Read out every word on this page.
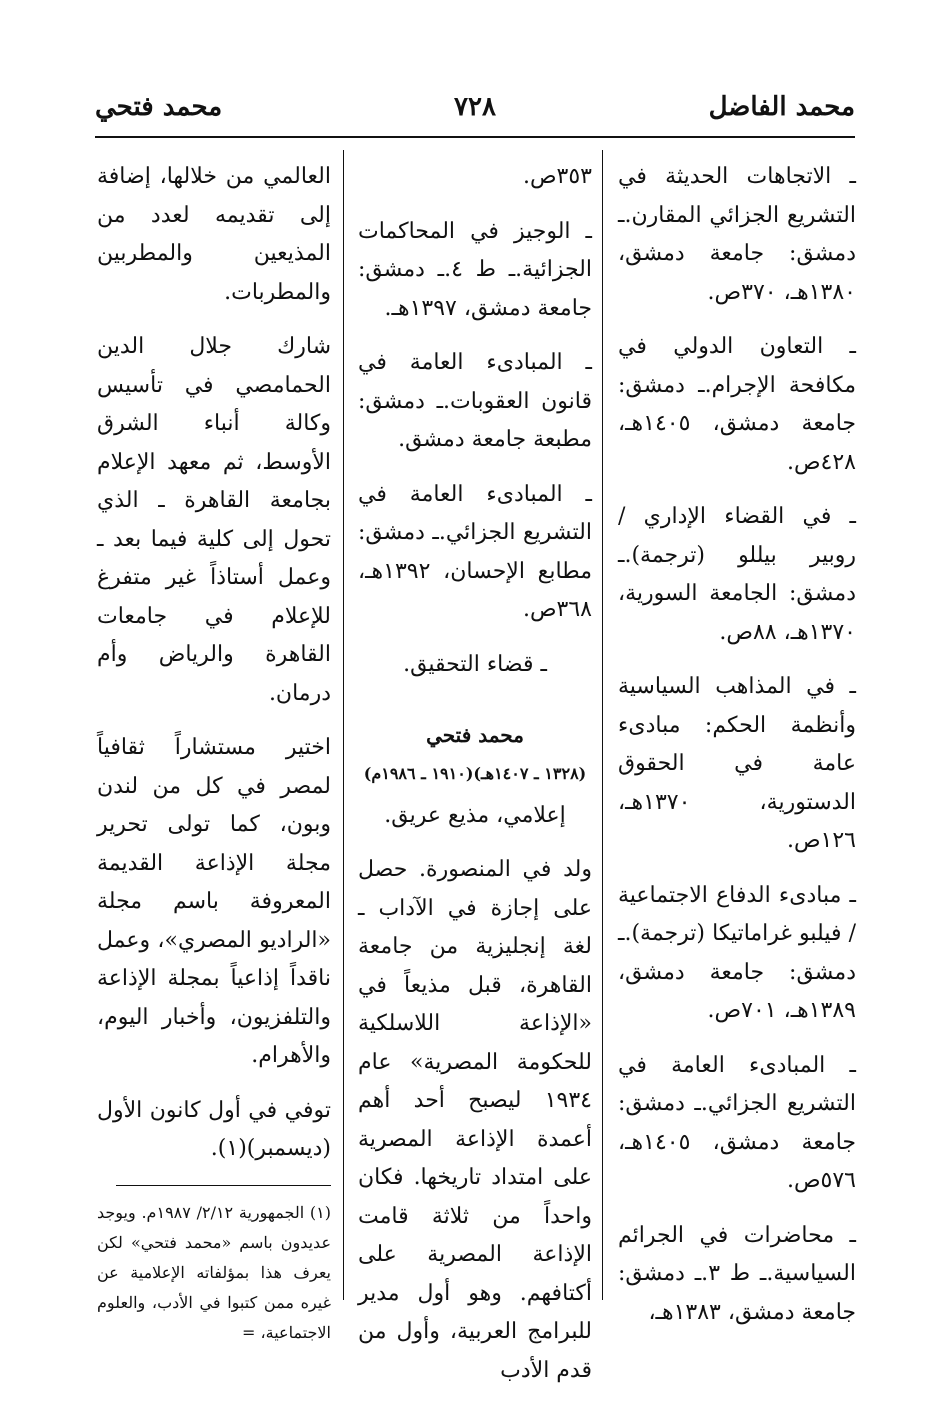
محمد الفاضل
٧٢٨
محمد فتحي

ـ الاتجاهات الحديثة في التشريع الجزائي المقارن.ـ دمشق: جامعة دمشق، ١٣٨٠هـ، ٣٧٠ص.

ـ التعاون الدولي في مكافحة الإجرام.ـ دمشق: جامعة دمشق، ١٤٠٥هـ، ٤٢٨ص.

ـ في القضاء الإداري / روبير بيللو (ترجمة).ـ دمشق: الجامعة السورية، ١٣٧٠هـ، ٨٨ص.

ـ في المذاهب السياسية وأنظمة الحكم: مبادىء عامة في الحقوق الدستورية، ١٣٧٠هـ، ١٢٦ص.

ـ مبادىء الدفاع الاجتماعية / فيلبو غراماتيكا (ترجمة).ـ دمشق: جامعة دمشق، ١٣٨٩هـ، ٧٠١ص.

ـ المبادىء العامة في التشريع الجزائي.ـ دمشق: جامعة دمشق، ١٤٠٥هـ، ٥٧٦ص.

ـ محاضرات في الجرائم السياسية.ـ ط ٣.ـ دمشق: جامعة دمشق، ١٣٨٣هـ،

٣٥٣ص.

ـ الوجيز في المحاكمات الجزائية.ـ ط ٤.ـ دمشق: جامعة دمشق، ١٣٩٧هـ.

ـ المبادىء العامة في قانون العقوبات.ـ دمشق: مطبعة جامعة دمشق.

ـ المبادىء العامة في التشريع الجزائي.ـ دمشق: مطابع الإحسان، ١٣٩٢هـ، ٣٦٨ص.

ـ قضاء التحقيق.

محمد فتحي

(١٣٢٨ ـ ١٤٠٧هـ)(١٩١٠ ـ ١٩٨٦م)

إعلامي، مذيع عريق.

ولد في المنصورة. حصل على إجازة في الآداب ـ لغة إنجليزية من جامعة القاهرة، قبل مذيعاً في «الإذاعة اللاسلكية للحكومة المصرية» عام ١٩٣٤ ليصبح أحد أهم أعمدة الإذاعة المصرية على امتداد تاريخها. فكان واحداً من ثلاثة قامت الإذاعة المصرية على أكتافهم. وهو أول مدير للبرامج العربية، وأول من قدم الأدب

العالمي من خلالها، إضافة إلى تقديمه لعدد من المذيعين والمطربين والمطربات.

شارك جلال الدين الحمامصي في تأسيس وكالة أنباء الشرق الأوسط، ثم معهد الإعلام بجامعة القاهرة ـ الذي تحول إلى كلية فيما بعد ـ وعمل أستاذاً غير متفرغ للإعلام في جامعات القاهرة والرياض وأم درمان.

اختير مستشاراً ثقافياً لمصر في كل من لندن وبون، كما تولى تحرير مجلة الإذاعة القديمة المعروفة باسم مجلة «الراديو المصري»، وعمل ناقداً إذاعياً بمجلة الإذاعة والتلفزيون، وأخبار اليوم، والأهرام.

توفي في أول كانون الأول (ديسمبر)(١).

(١) الجمهورية ٢/١٢/ ١٩٨٧م. ويوجد عديدون باسم «محمد فتحي» لكن يعرف هذا بمؤلفاته الإعلامية عن غيره ممن كتبوا في الأدب، والعلوم الاجتماعية، =
